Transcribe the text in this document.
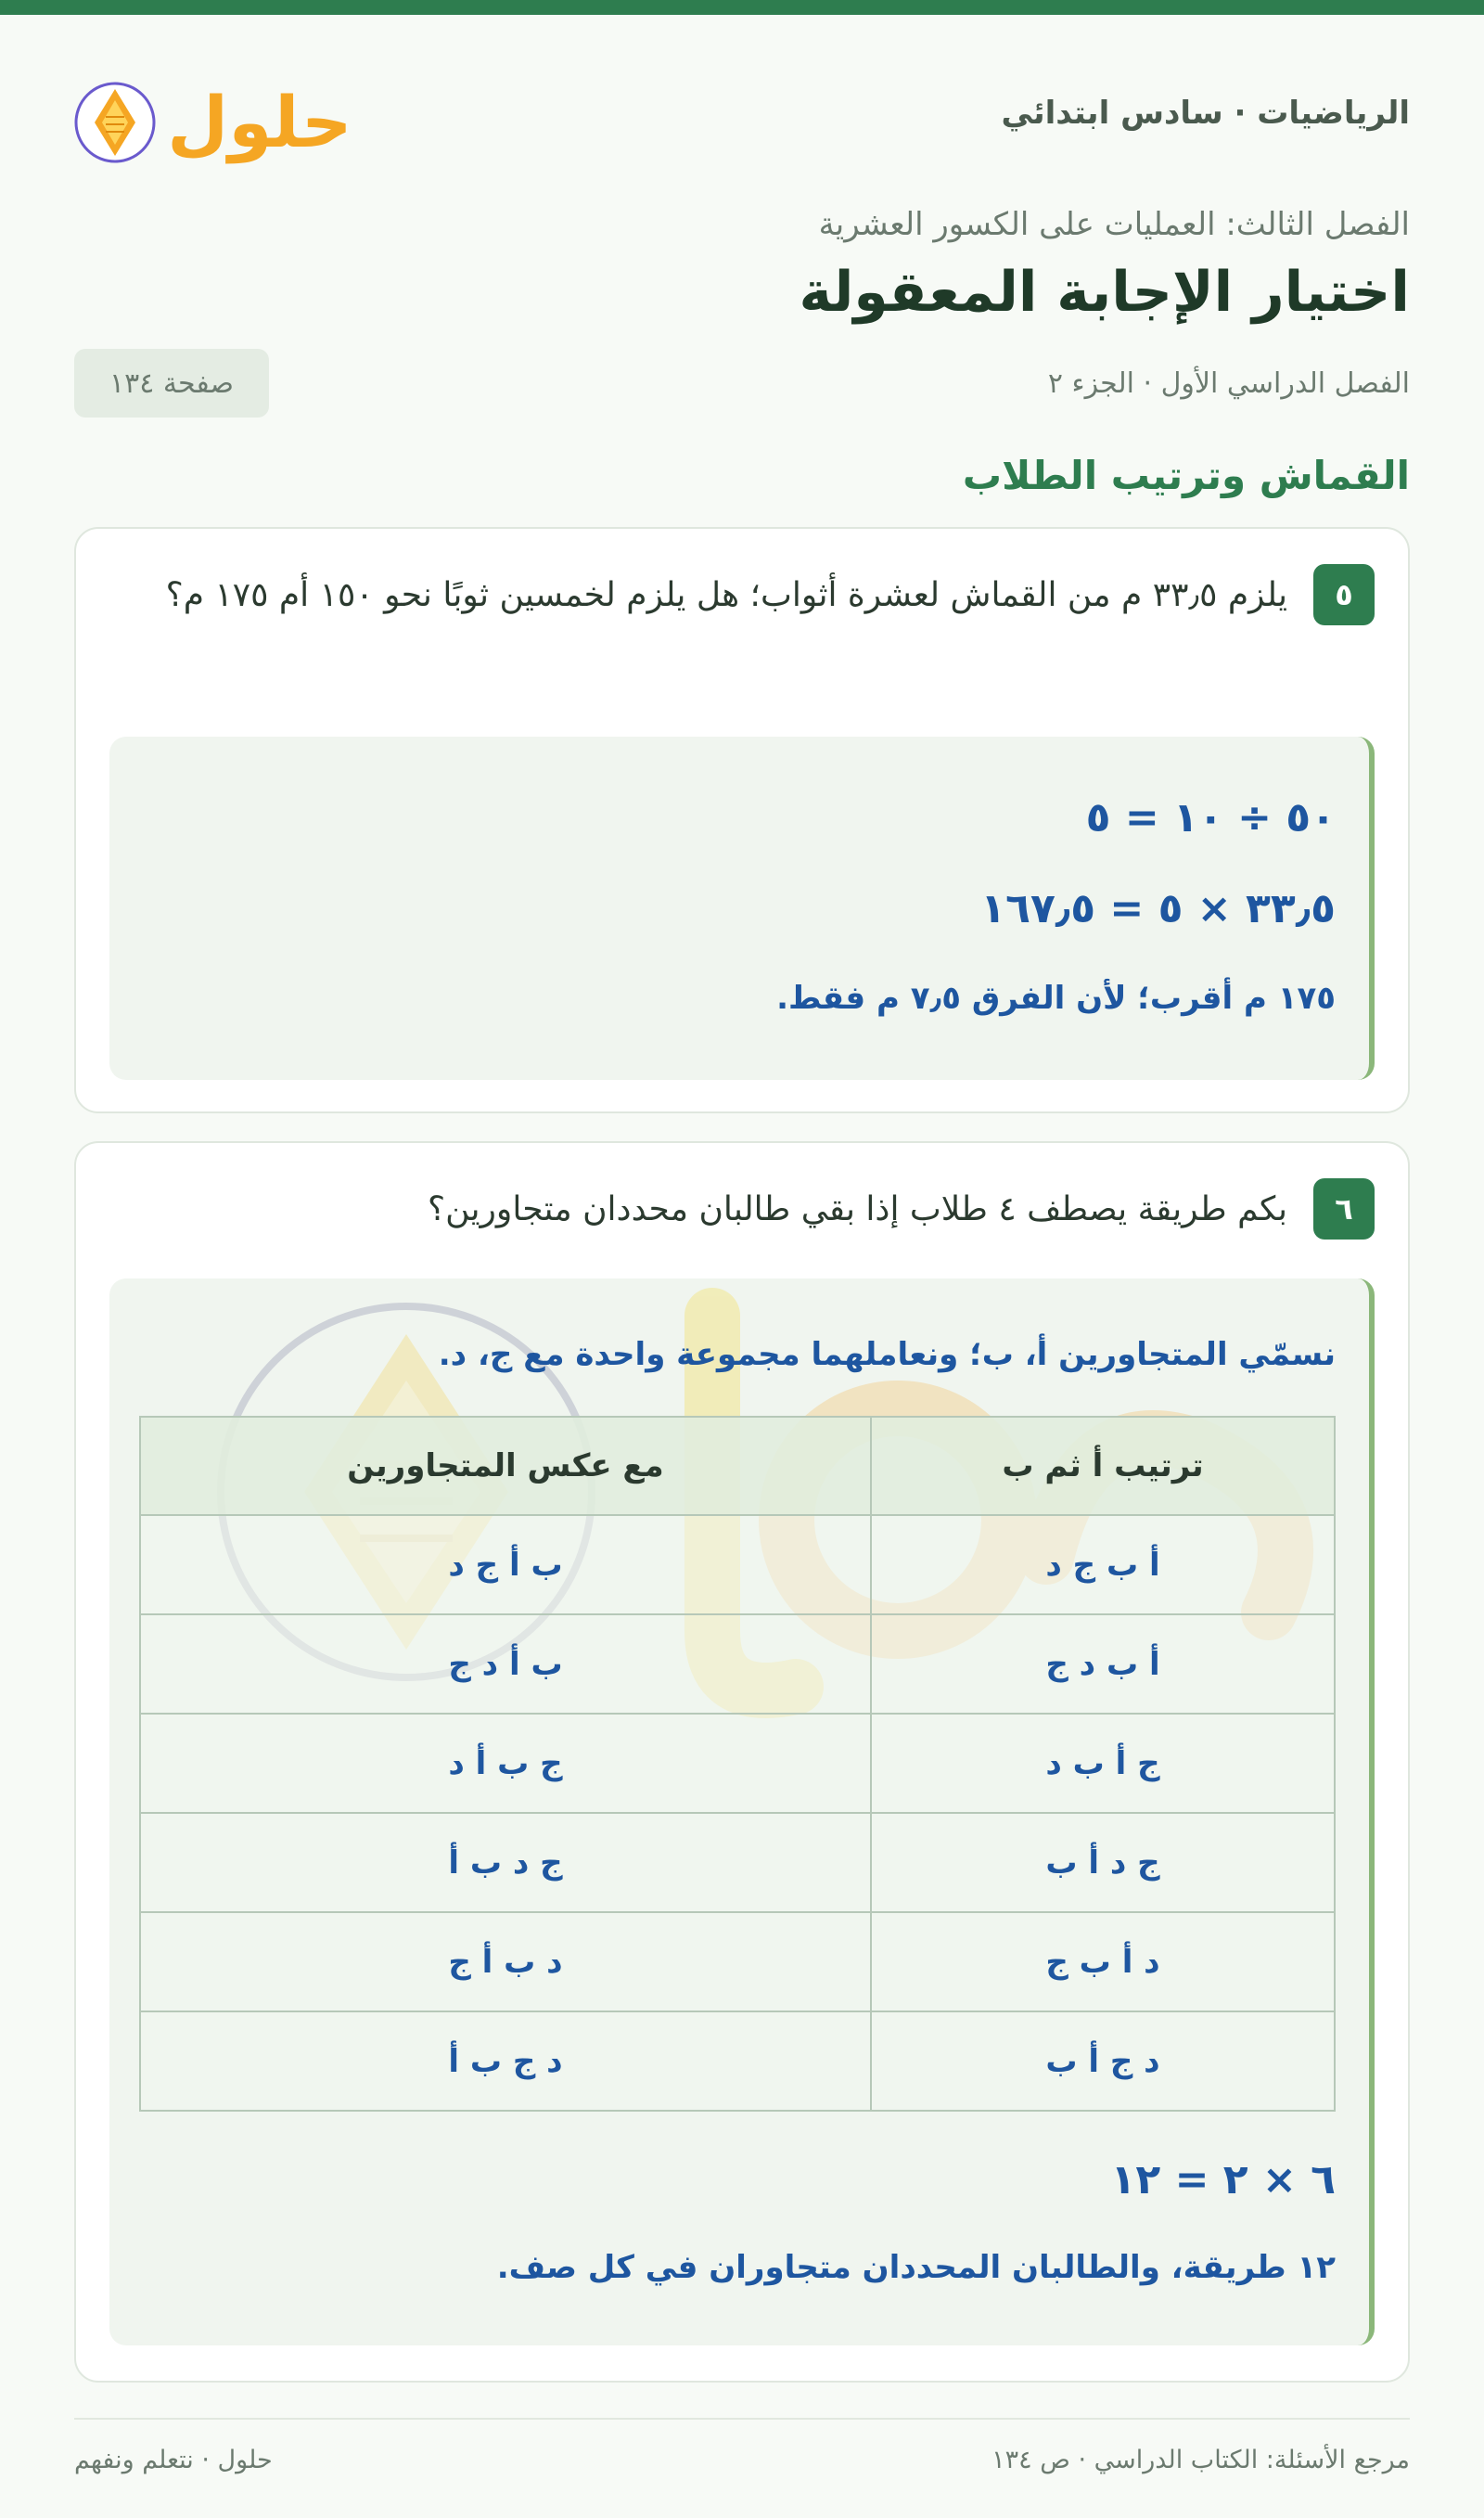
الرياضيات · سادس ابتدائي
حلول
الفصل الثالث: العمليات على الكسور العشرية
اختيار الإجابة المعقولة
الفصل الدراسي الأول · الجزء ٢
صفحة ١٣٤
القماش وترتيب الطلاب
٥

يلزم ٣٣٫٥ م من القماش لعشرة أثواب؛ هل يلزم لخمسين ثوبًا نحو ١٥٠ أم ١٧٥ م؟

٥٠ ÷ ١٠ = ٥
٣٣٫٥ × ٥ = ١٦٧٫٥
١٧٥ م أقرب؛ لأن الفرق ٧٫٥ م فقط.
٦

بكم طريقة يصطف ٤ طلاب إذا بقي طالبان محددان متجاورين؟

نسمّي المتجاورين أ، ب؛ ونعاملهما مجموعة واحدة مع ج، د.
ترتيب أ ثم ب	مع عكس المتجاورين
أ ب ج د	ب أ ج د
أ ب د ج	ب أ د ج
ج أ ب د	ج ب أ د
ج د أ ب	ج د ب أ
د أ ب ج	د ب أ ج
د ج أ ب	د ج ب أ
٦ × ٢ = ١٢
١٢ طريقة، والطالبان المحددان متجاوران في كل صف.
مرجع الأسئلة: الكتاب الدراسي · ص ١٣٤
حلول · نتعلم ونفهم
